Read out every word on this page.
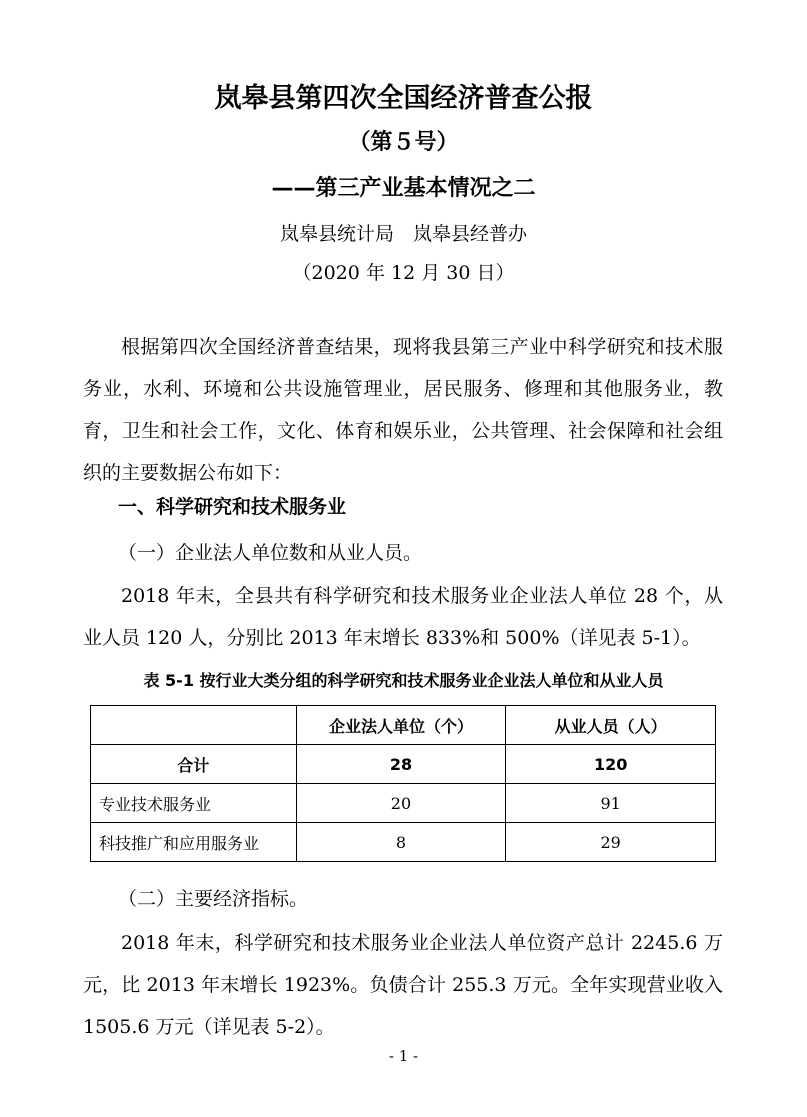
岚皋县第四次全国经济普查公报
（第５号）
——第三产业基本情况之二
岚皋县统计局　岚皋县经普办
（2020 年 12 月 30 日）

根据第四次全国经济普查结果，现将我县第三产业中科学研究和技术服务业，水利、环境和公共设施管理业，居民服务、修理和其他服务业，教育，卫生和社会工作，文化、体育和娱乐业，公共管理、社会保障和社会组织的主要数据公布如下：

一、科学研究和技术服务业
（一）企业法人单位数和从业人员。

2018 年末，全县共有科学研究和技术服务业企业法人单位 28 个，从业人员 120 人，分别比 2013 年末增长 833%和 500%（详见表 5-1）。

表 5-1 按行业大类分组的科学研究和技术服务业企业法人单位和从业人员
	企业法人单位（个）	从业人员（人）
合计	28	120
专业技术服务业	20	91
科技推广和应用服务业	8	29
（二）主要经济指标。

2018 年末，科学研究和技术服务业企业法人单位资产总计 2245.6 万元，比 2013 年末增长 1923%。负债合计 255.3 万元。全年实现营业收入 1505.6 万元（详见表 5-2）。

- 1 -
